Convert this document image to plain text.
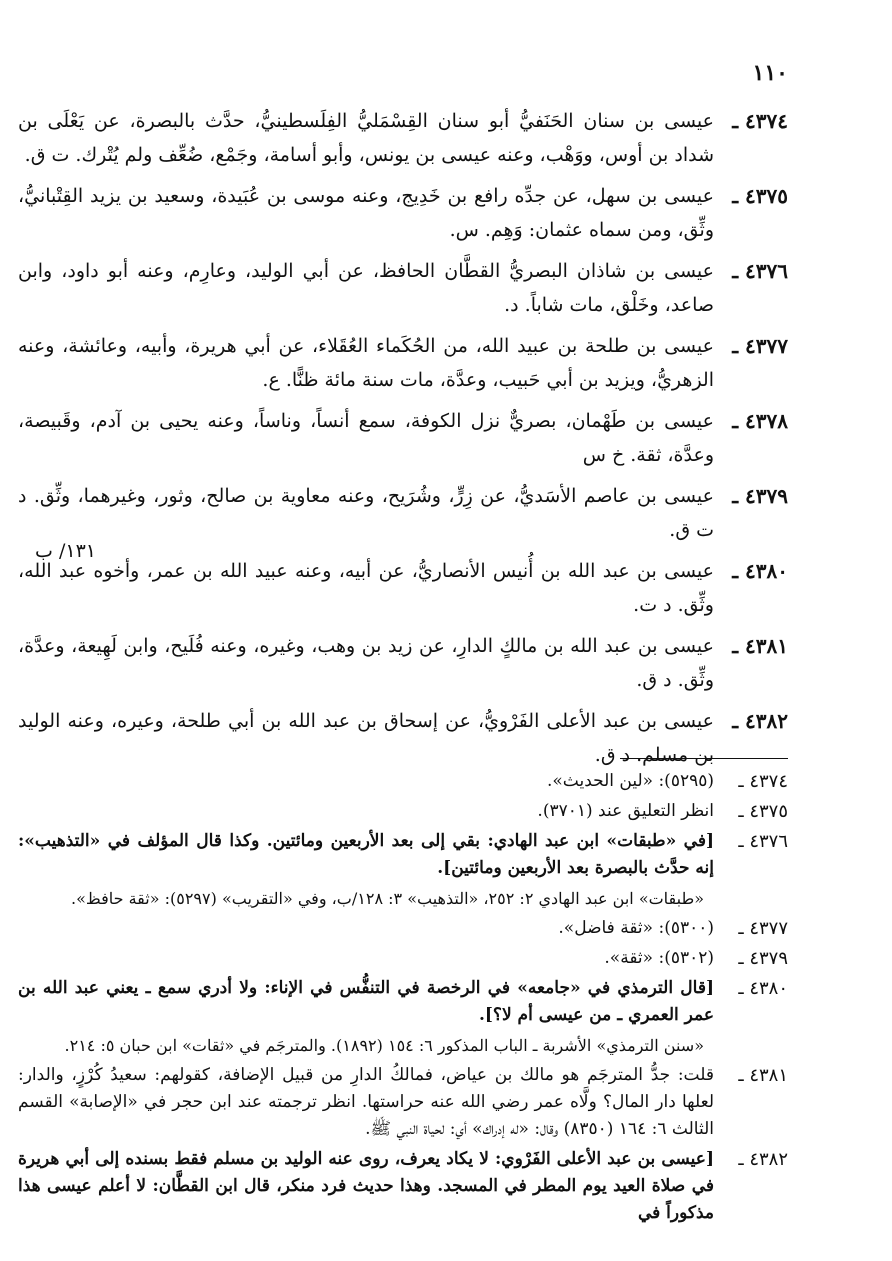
١١٠
١٣١/ ب
٤٣٧٤ ـ
عيسى بن سنان الحَنَفيُّ أبو سنان القِسْمَليُّ الفِلَسطينيُّ، حدَّث بالبصرة، عن يَعْلَى بن شداد بن أوس، ووَهْب، وعنه عيسى بن يونس، وأبو أسامة، وجَمْع، ضُعِّف ولم يُتْرك. ت ق.
٤٣٧٥ ـ
عيسى بن سهل، عن جدِّه رافع بن خَدِيج، وعنه موسى بن عُبَيدة، وسعيد بن يزيد القِتْبانيُّ، وثِّق، ومن سماه عثمان: وَهِم. س.
٤٣٧٦ ـ
عيسى بن شاذان البصريُّ القطَّان الحافظ، عن أبي الوليد، وعارِم، وعنه أبو داود، وابن صاعد، وخَلْق، مات شاباً. د.
٤٣٧٧ ـ
عيسى بن طلحة بن عبيد الله، من الحُكَماء العُقَلاء، عن أبي هريرة، وأبيه، وعائشة، وعنه الزهريُّ، ويزيد بن أبي حَبيب، وعدَّة، مات سنة مائة ظنًّا. ع.
٤٣٧٨ ـ
عيسى بن طَهْمان، بصريٌّ نزل الكوفة، سمع أنساً، وناساً، وعنه يحيى بن آدم، وقَبيصة، وعدَّة، ثقة. خ س
٤٣٧٩ ـ
عيسى بن عاصم الأسَديُّ، عن زِرٍّ، وشُرَيح، وعنه معاوية بن صالح، وثور، وغيرهما، وثِّق. د ت ق.
٤٣٨٠ ـ
عيسى بن عبد الله بن أُنيس الأنصاريُّ، عن أبيه، وعنه عبيد الله بن عمر، وأخوه عبد الله، وثِّق. د ت.
٤٣٨١ ـ
عيسى بن عبد الله بن مالكٍ الدارِ، عن زيد بن وهب، وغيره، وعنه فُلَيح، وابن لَهِيعة، وعدَّة، وثِّق. د ق.
٤٣٨٢ ـ
عيسى بن عبد الأعلى الفَرْويُّ، عن إسحاق بن عبد الله بن أبي طلحة، وعيره، وعنه الوليد بن مسلم. د ق.
٤٣٧٤ ـ
(٥٢٩٥): «لين الحديث».
٤٣٧٥ ـ
انظر التعليق عند (٣٧٠١).
٤٣٧٦ ـ
[في «طبقات» ابن عبد الهادي: بقي إلى بعد الأربعين ومائتين. وكذا قال المؤلف في «التذهيب»: إنه حدَّث بالبصرة بعد الأربعين ومائتين].
«طبقات» ابن عبد الهادي ٢: ٢٥٢، «التذهيب» ٣: ١٢٨/ب، وفي «التقريب» (٥٢٩٧): «ثقة حافظ».
٤٣٧٧ ـ
(٥٣٠٠): «ثقة فاضل».
٤٣٧٩ ـ
(٥٣٠٢): «ثقة».
٤٣٨٠ ـ
[قال الترمذي في «جامعه» في الرخصة في التنفُّس في الإناء: ولا أدري سمع ـ يعني عبد الله بن عمر العمري ـ من عيسى أم لا؟].
«سنن الترمذي» الأشربة ـ الباب المذكور ٦: ١٥٤ (١٨٩٢). والمترجَم في «ثقات» ابن حبان ٥: ٢١٤.
٤٣٨١ ـ
قلت: جدُّ المترجَم هو مالك بن عياض، فمالكُ الدارِ من قبيل الإضافة، كقولهم: سعيدُ كُرْزٍ، والدار: لعلها دار المال؟ ولَّاه عمر رضي الله عنه حراستها. انظر ترجمته عند ابن حجر في «الإصابة» القسم الثالث ٦: ١٦٤ (٨٣٥٠) وقال: «له إدراك» أي: لحياة النبي ﷺ.
٤٣٨٢ ـ
[عيسى بن عبد الأعلى الفَرْوي: لا يكاد يعرف، روى عنه الوليد بن مسلم فقط بسنده إلى أبي هريرة في صلاة العيد يوم المطر في المسجد. وهذا حديث فرد منكر، قال ابن القطَّان: لا أعلم عيسى هذا مذكوراً في
